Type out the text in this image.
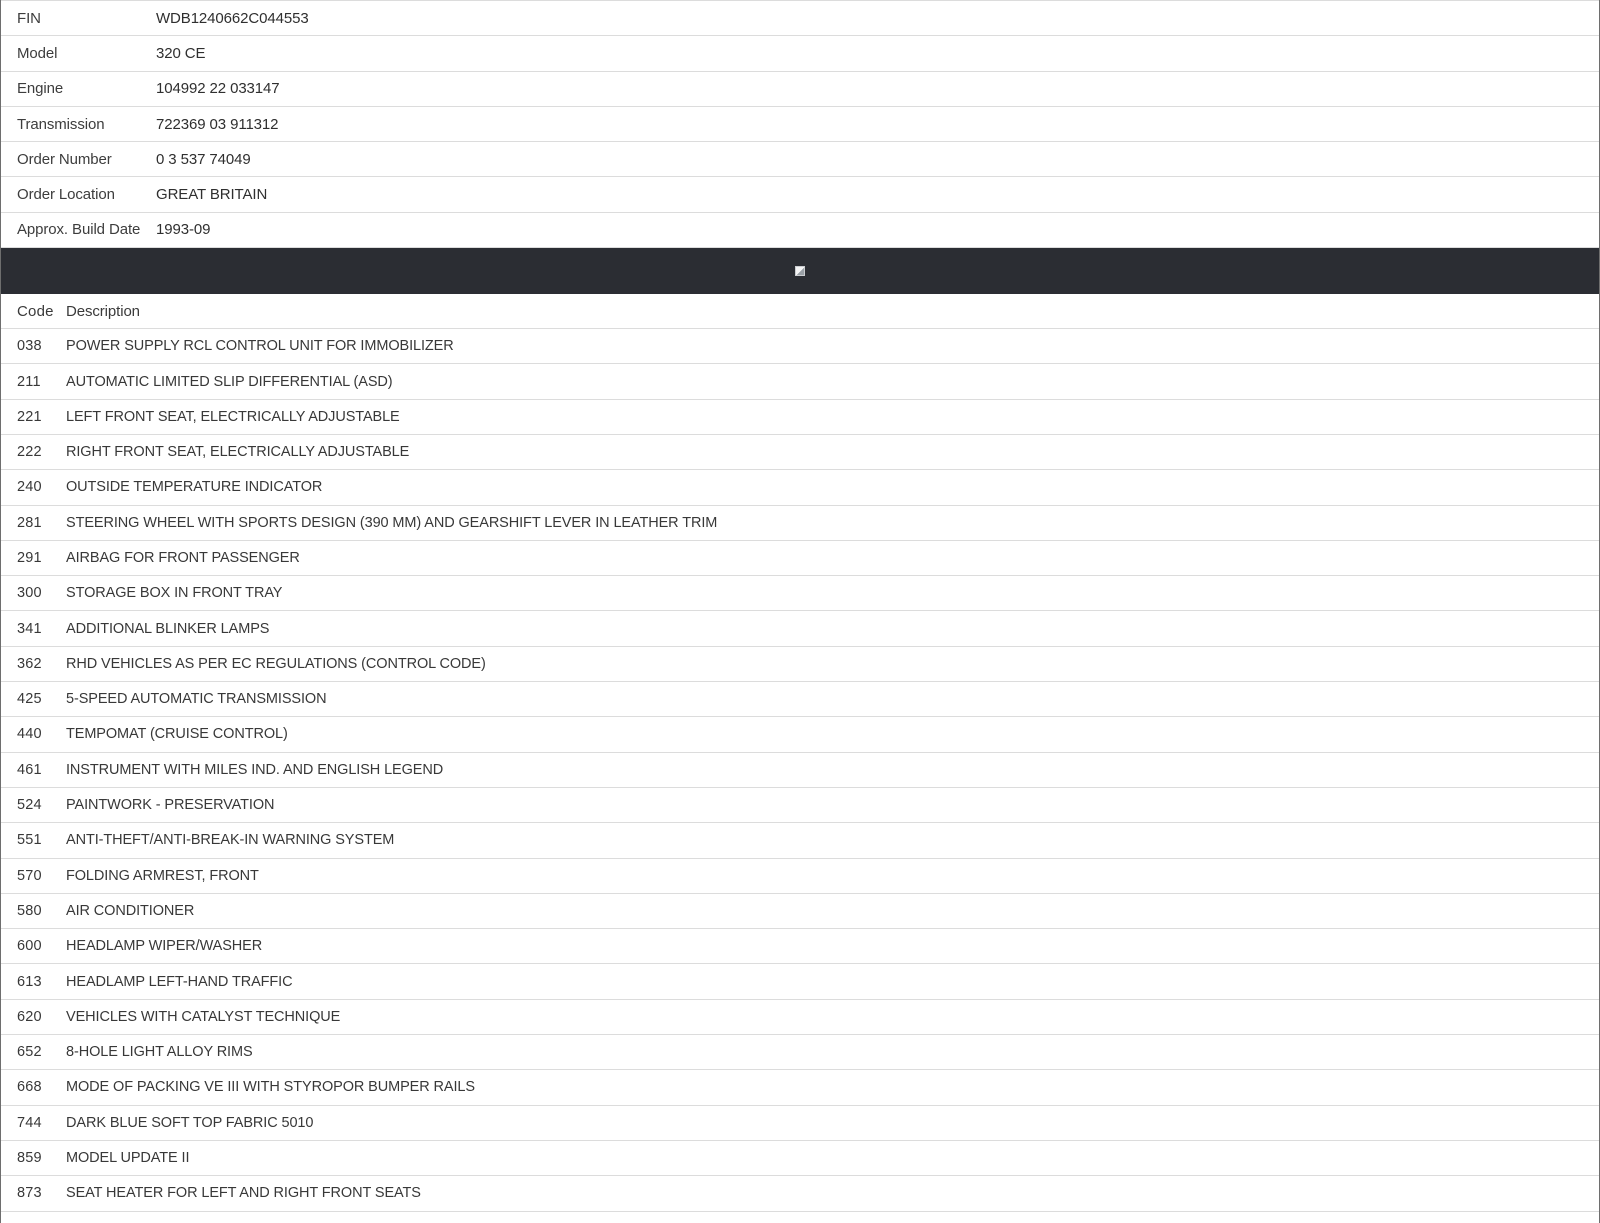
FIN	WDB1240662C044553
Model	320 CE
Engine	104992 22 033147
Transmission	722369 03 911312
Order Number	0 3 537 74049
Order Location	GREAT BRITAIN
Approx. Build Date	1993-09
Code Description
038	POWER SUPPLY RCL CONTROL UNIT FOR IMMOBILIZER
211	AUTOMATIC LIMITED SLIP DIFFERENTIAL (ASD)
221	LEFT FRONT SEAT, ELECTRICALLY ADJUSTABLE
222	RIGHT FRONT SEAT, ELECTRICALLY ADJUSTABLE
240	OUTSIDE TEMPERATURE INDICATOR
281	STEERING WHEEL WITH SPORTS DESIGN (390 MM) AND GEARSHIFT LEVER IN LEATHER TRIM
291	AIRBAG FOR FRONT PASSENGER
300	STORAGE BOX IN FRONT TRAY
341	ADDITIONAL BLINKER LAMPS
362	RHD VEHICLES AS PER EC REGULATIONS (CONTROL CODE)
425	5-SPEED AUTOMATIC TRANSMISSION
440	TEMPOMAT (CRUISE CONTROL)
461	INSTRUMENT WITH MILES IND. AND ENGLISH LEGEND
524	PAINTWORK - PRESERVATION
551	ANTI-THEFT/ANTI-BREAK-IN WARNING SYSTEM
570	FOLDING ARMREST, FRONT
580	AIR CONDITIONER
600	HEADLAMP WIPER/WASHER
613	HEADLAMP LEFT-HAND TRAFFIC
620	VEHICLES WITH CATALYST TECHNIQUE
652	8-HOLE LIGHT ALLOY RIMS
668	MODE OF PACKING VE III WITH STYROPOR BUMPER RAILS
744	DARK BLUE SOFT TOP FABRIC 5010
859	MODEL UPDATE II
873	SEAT HEATER FOR LEFT AND RIGHT FRONT SEATS
